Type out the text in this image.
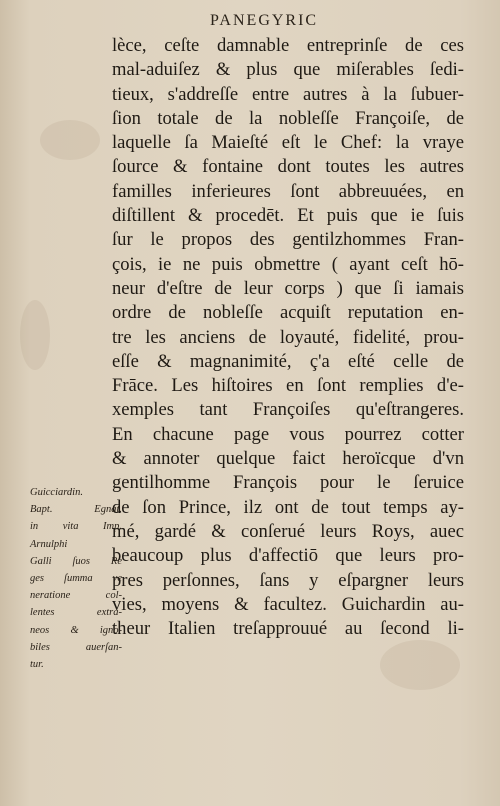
PANEGYRIC
lèce, ceſte damnable entreprinſe de ces
mal-aduiſez & plus que miſerables ſedi-
tieux, s'addreſſe entre autres à la ſubuer-
ſion totale de la nobleſſe Françoiſe, de
laquelle ſa Maieſté eſt le Chef: la vraye
ſource & fontaine dont toutes les autres
familles inferieures ſont abbreuuées, en
diſtillent & procedēt. Et puis que ie ſuis
ſur le propos des gentilzhommes Fran-
çois, ie ne puis obmettre ( ayant ceſt hō-
neur d'eſtre de leur corps ) que ſi iamais
ordre de nobleſſe acquiſt reputation en-
tre les anciens de loyauté, fidelité, prou-
eſſe & magnanimité, ç'a eſté celle de
Frāce. Les hiſtoires en ſont remplies d'e-
xemples tant Françoiſes qu'eſtrangeres.
En chacune page vous pourrez cotter
& annoter quelque faict heroïcque d'vn
gentilhomme François pour le ſeruice
de ſon Prince, ilz ont de tout temps ay-
mé, gardé & conſerué leurs Roys, auec
beaucoup plus d'affectiō que leurs pro-
pres perſonnes, ſans y eſpargner leurs
vies, moyens & facultez. Guichardin au-
theur Italien treſapprouué au ſecond li-
Guicciardin.
Bapt. Egnat.
in vita Imp.
Arnulphi
Galli ſuos Re
ges ſumma ve
neratione col-
lentes extra-
neos & igno-
biles auerſan-
tur.
